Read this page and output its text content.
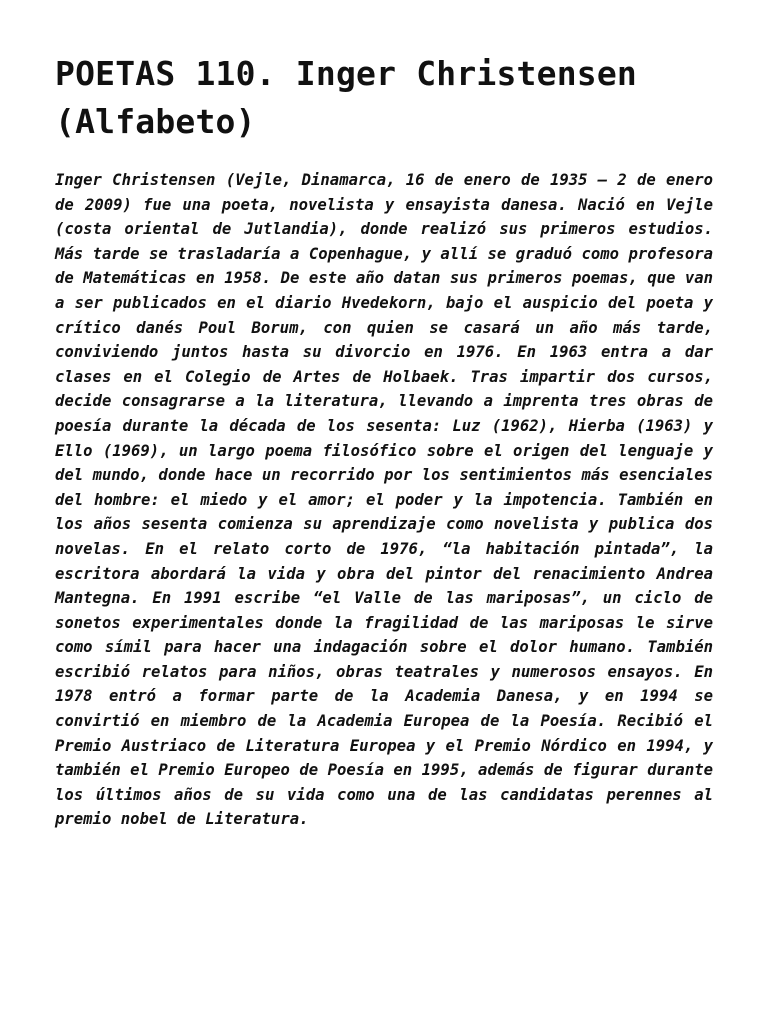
POETAS 110. Inger Christensen (Alfabeto)

Inger Christensen (Vejle, Dinamarca, 16 de enero de 1935 – 2 de enero de 2009) fue una poeta, novelista y ensayista danesa. Nació en Vejle (costa oriental de Jutlandia), donde realizó sus primeros estudios. Más tarde se trasladaría a Copenhague, y allí se graduó como profesora de Matemáticas en 1958. De este año datan sus primeros poemas, que van a ser publicados en el diario Hvedekorn, bajo el auspicio del poeta y crítico danés Poul Borum, con quien se casará un año más tarde, conviviendo juntos hasta su divorcio en 1976. En 1963 entra a dar clases en el Colegio de Artes de Holbaek. Tras impartir dos cursos, decide consagrarse a la literatura, llevando a imprenta tres obras de poesía durante la década de los sesenta: Luz (1962), Hierba (1963) y Ello (1969), un largo poema filosófico sobre el origen del lenguaje y del mundo, donde hace un recorrido por los sentimientos más esenciales del hombre: el miedo y el amor; el poder y la impotencia. También en los años sesenta comienza su aprendizaje como novelista y publica dos novelas. En el relato corto de 1976, “la habitación pintada”, la escritora abordará la vida y obra del pintor del renacimiento Andrea Mantegna. En 1991 escribe “el Valle de las mariposas”, un ciclo de sonetos experimentales donde la fragilidad de las mariposas le sirve como símil para hacer una indagación sobre el dolor humano. También escribió relatos para niños, obras teatrales y numerosos ensayos. En 1978 entró a formar parte de la Academia Danesa, y en 1994 se convirtió en miembro de la Academia Europea de la Poesía. Recibió el Premio Austriaco de Literatura Europea y el Premio Nórdico en 1994, y también el Premio Europeo de Poesía en 1995, además de figurar durante los últimos años de su vida como una de las candidatas perennes al premio nobel de Literatura.
